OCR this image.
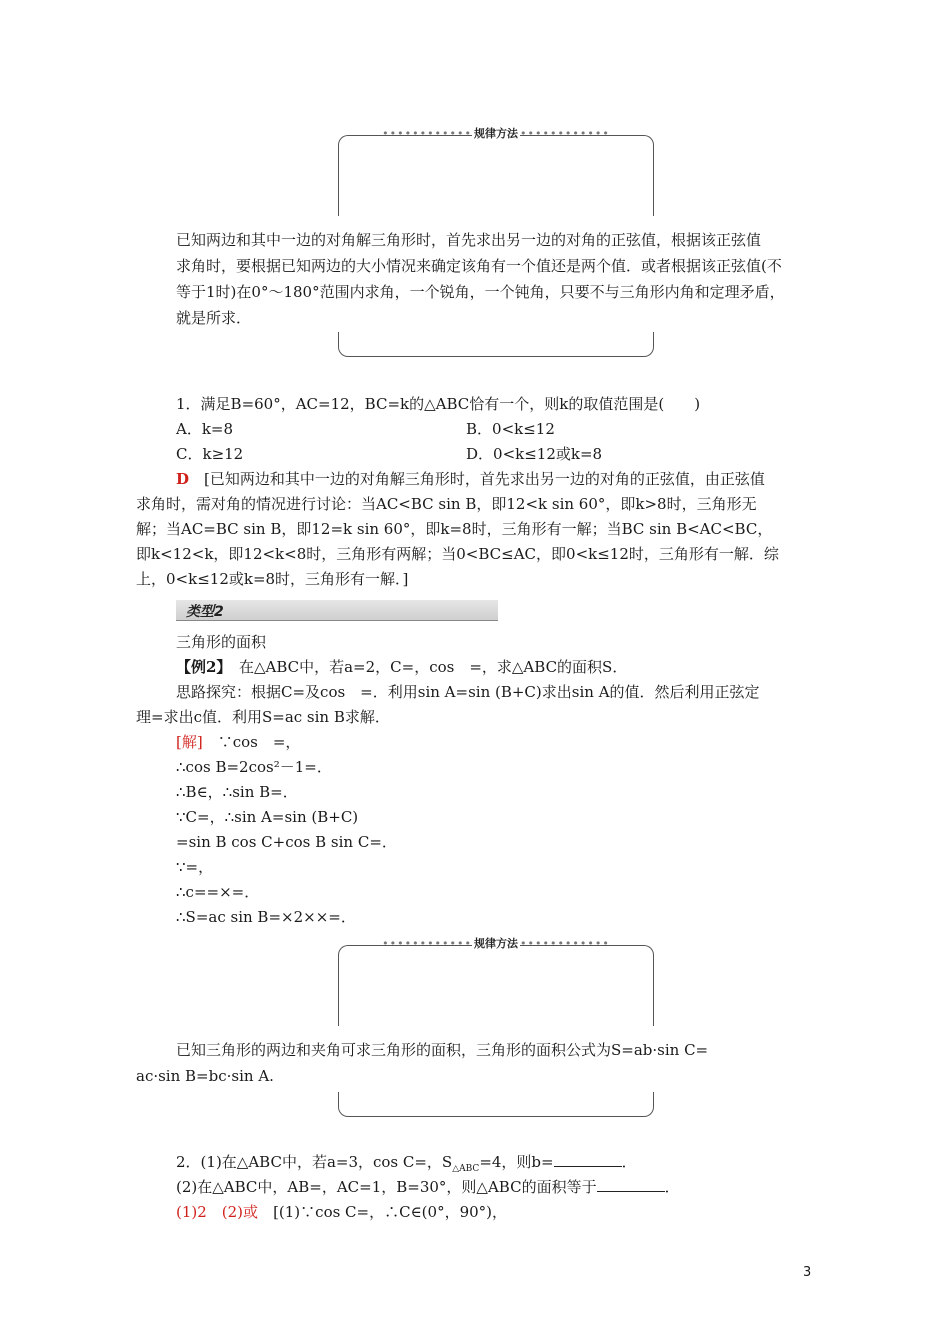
•••••••••••• 规律方法 ••••••••••••
已知两边和其中一边的对角解三角形时，首先求出另一边的对角的正弦值，根据该正弦值
求角时，要根据已知两边的大小情况来确定该角有一个值还是两个值．或者根据该正弦值(不
等于1时)在0°～180°范围内求角，一个锐角，一个钝角，只要不与三角形内角和定理矛盾，
就是所求．
1．满足B=60°，AC=12，BC=k的△ABC恰有一个，则k的取值范围是(　　)
A．k=8	B．0<k≤12
C．k≥12	D．0<k≤12或k=8
D　 [已知两边和其中一边的对角解三角形时，首先求出另一边的对角的正弦值，由正弦值
求角时，需对角的情况进行讨论：当AC<BC sin B，即12<k sin 60°，即k>8时，三角形无
解；当AC=BC sin B，即12=k sin 60°，即k=8时，三角形有一解；当BC sin B<AC<BC，
即k<12<k，即12<k<8时，三角形有两解；当0<BC≤AC，即0<k≤12时，三角形有一解．综
上，0<k≤12或k=8时，三角形有一解．]
类型2
三角形的面积
【例2】　 在△ABC中，若a=2，C=，cos　=，求△ABC的面积S．
思路探究：根据C=及cos　=．利用sin A=sin (B+C)求出sin A的值．然后利用正弦定
理=求出c值．利用S=ac sin B求解．
[解]　 ∵cos　=，
∴cos B=2cos²－1=．
∴B∈，∴sin B=．
∵C=，∴sin A=sin (B+C)
=sin B cos C+cos B sin C=．
∵=，
∴c==×=．
∴S=ac sin B=×2××=．
•••••••••••• 规律方法 ••••••••••••
已知三角形的两边和夹角可求三角形的面积，三角形的面积公式为S=ab·sin C=
ac·sin B=bc·sin A.
2．(1)在△ABC中，若a=3，cos C=，$S_{\triangle ABC}=4$，则b=	．
(2)在△ABC中，AB=，AC=1，B=30°，则△ABC的面积等于	．
(1)2　(2)或　 [(1)∵cos C=，∴C∈(0°，90°)，
3
